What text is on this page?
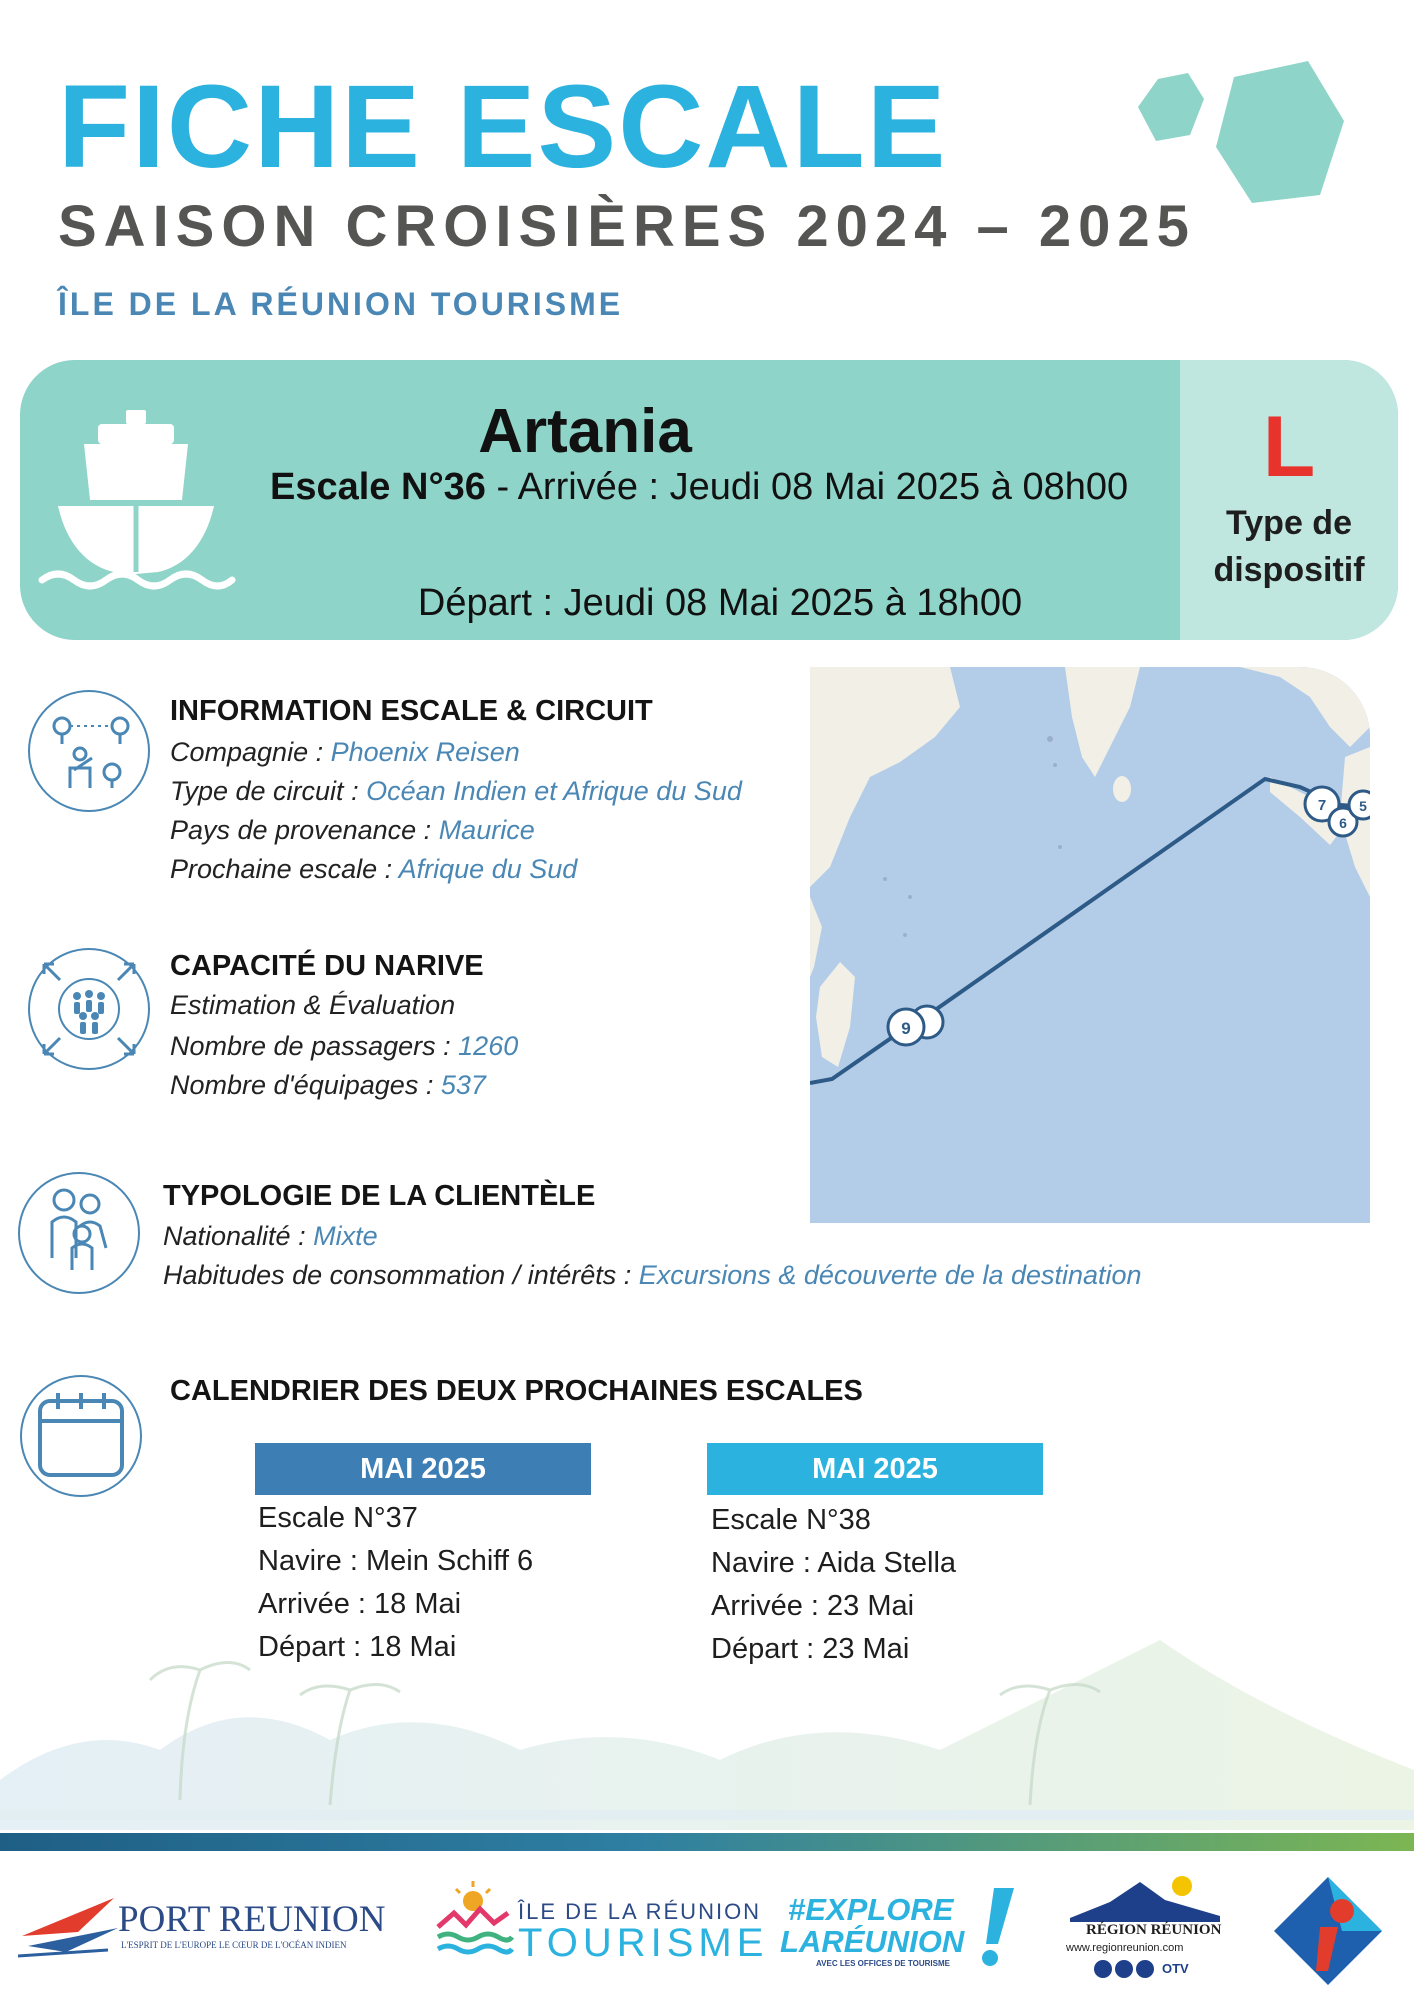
FICHE ESCALE
SAISON CROISIÈRES 2024 – 2025
ÎLE DE LA RÉUNION TOURISME
Artania
Escale N°36 - Arrivée : Jeudi 08 Mai 2025 à 08h00
Départ : Jeudi 08 Mai 2025 à 18h00
L
Type de
dispositif
INFORMATION ESCALE & CIRCUIT
Compagnie : Phoenix Reisen
Type de circuit : Océan Indien et Afrique du Sud
Pays de provenance : Maurice
Prochaine escale : Afrique du Sud
CAPACITÉ DU NARIVE
Estimation & Évaluation
Nombre de passagers : 1260
Nombre d'équipages : 537
TYPOLOGIE DE LA CLIENTÈLE
Nationalité : Mixte
Habitudes de consommation / intérêts : Excursions & découverte de la destination
9
7
6
5
CALENDRIER DES DEUX PROCHAINES ESCALES
MAI 2025
Escale N°37
Navire : Mein Schiff 6
Arrivée : 18 Mai
Départ : 18 Mai
MAI 2025
Escale N°38
Navire : Aida Stella
Arrivée : 23 Mai
Départ : 23 Mai
PORT REUNION
L'ESPRIT DE L'EUROPE LE CŒUR DE L'OCÉAN INDIEN
ÎLE DE LA RÉUNION
TOURISME
#EXPLORE
LARÉUNION
AVEC LES OFFICES DE TOURISME
RÉGION RÉUNION
www.regionreunion.com
OTV
